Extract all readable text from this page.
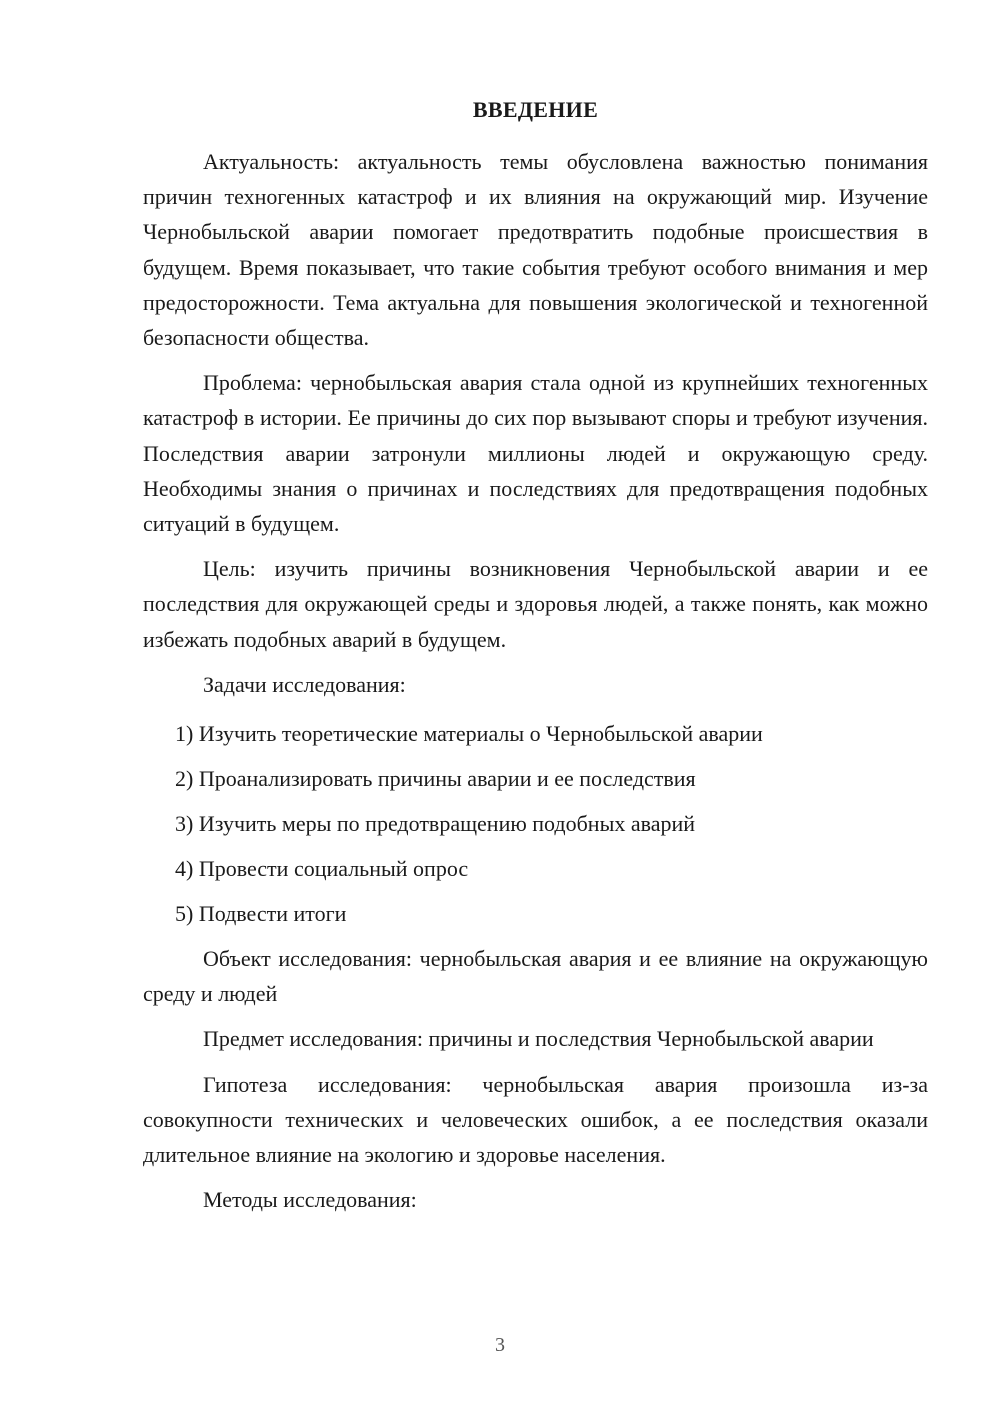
ВВЕДЕНИЕ

Актуальность: актуальность темы обусловлена важностью понимания причин техногенных катастроф и их влияния на окружающий мир. Изучение Чернобыльской аварии помогает предотвратить подобные происшествия в будущем. Время показывает, что такие события требуют особого внимания и мер предосторожности. Тема актуальна для повышения экологической и техногенной безопасности общества.

Проблема: чернобыльская авария стала одной из крупнейших техногенных катастроф в истории. Ее причины до сих пор вызывают споры и требуют изучения. Последствия аварии затронули миллионы людей и окружающую среду. Необходимы знания о причинах и последствиях для предотвращения подобных ситуаций в будущем.

Цель: изучить причины возникновения Чернобыльской аварии и ее последствия для окружающей среды и здоровья людей, а также понять, как можно избежать подобных аварий в будущем.

Задачи исследования:

1) Изучить теоретические материалы о Чернобыльской аварии
2) Проанализировать причины аварии и ее последствия
3) Изучить меры по предотвращению подобных аварий
4) Провести социальный опрос
5) Подвести итоги

Объект исследования: чернобыльская авария и ее влияние на окружающую среду и людей

Предмет исследования: причины и последствия Чернобыльской аварии

Гипотеза исследования: чернобыльская авария произошла из-за совокупности технических и человеческих ошибок, а ее последствия оказали длительное влияние на экологию и здоровье населения.

Методы исследования:

3
